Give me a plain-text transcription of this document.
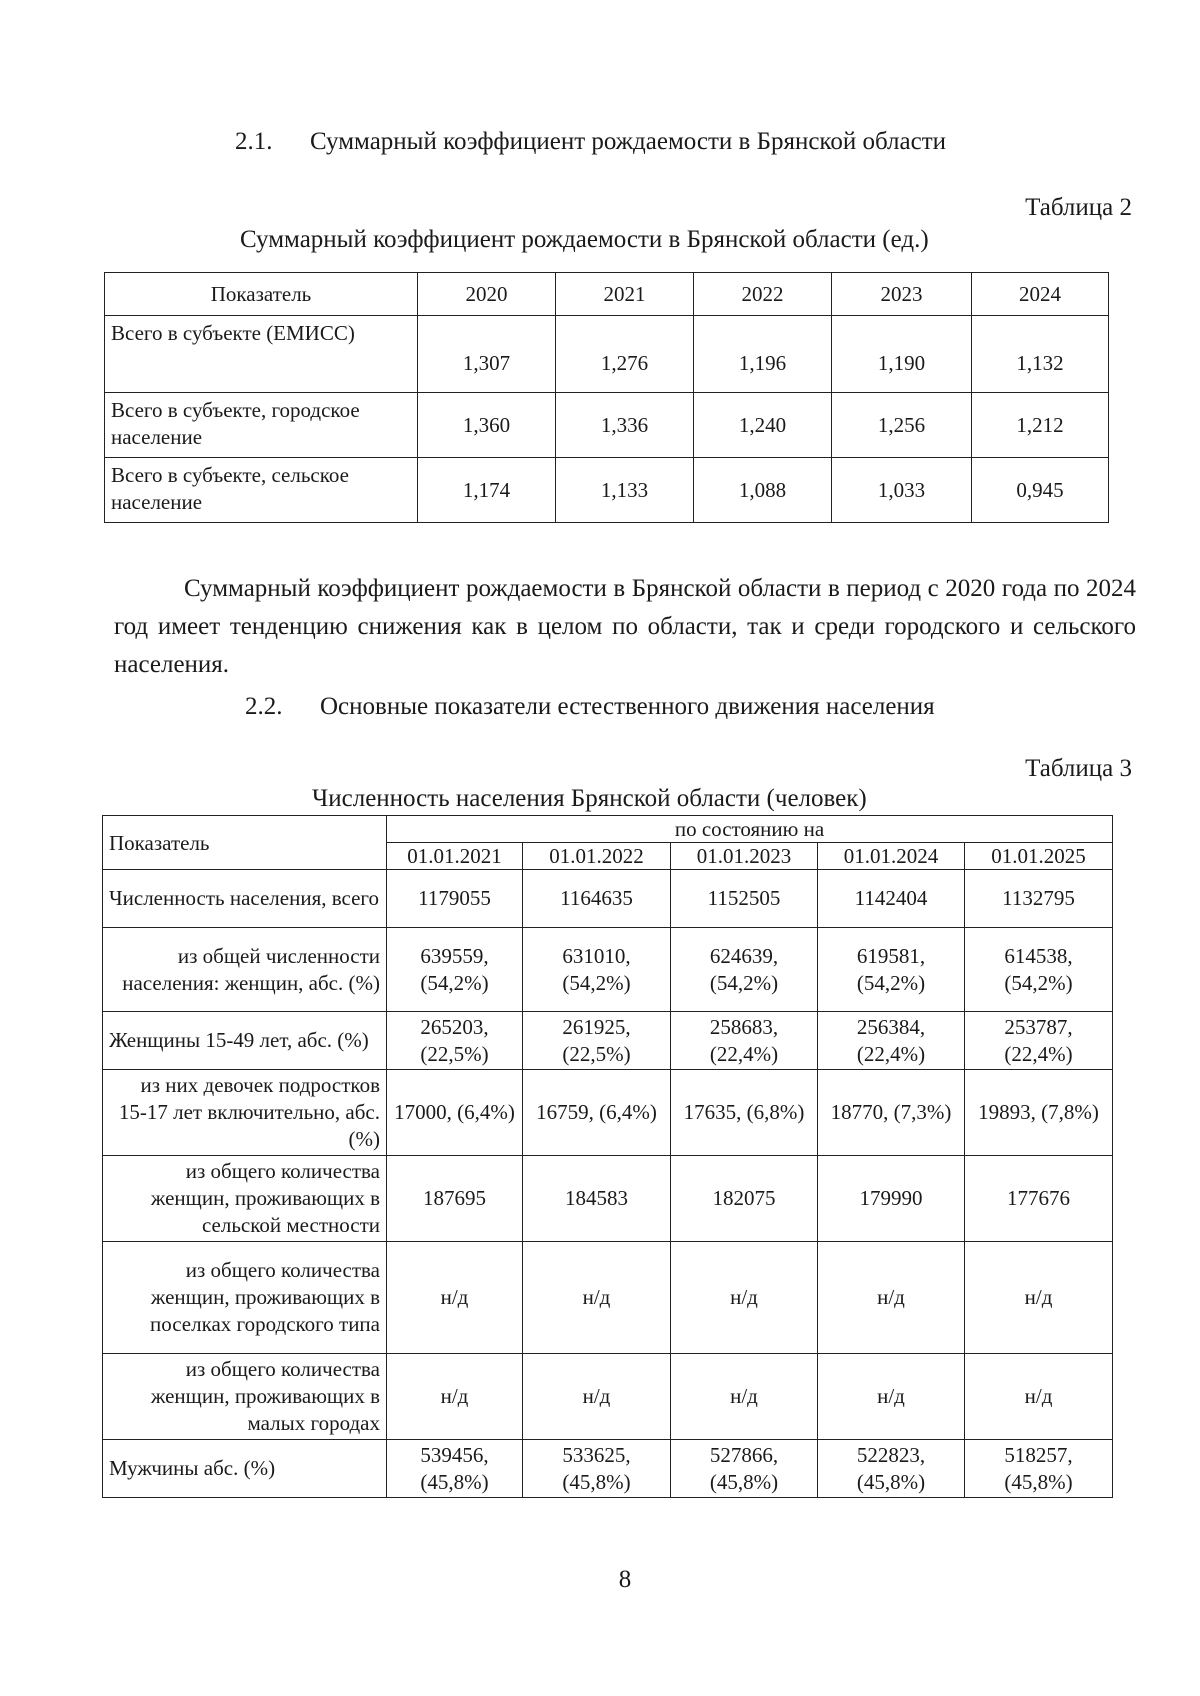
2.1. Суммарный коэффициент рождаемости в Брянской области
Таблица 2
Суммарный коэффициент рождаемости в Брянской области (ед.)
Показатель	2020	2021	2022	2023	2024
Всего в субъекте (ЕМИСС)	1,307	1,276	1,196	1,190	1,132
Всего в субъекте, городское население	1,360	1,336	1,240	1,256	1,212
Всего в субъекте, сельское население	1,174	1,133	1,088	1,033	0,945

Суммарный коэффициент рождаемости в Брянской области в период с 2020 года по 2024 год имеет тенденцию снижения как в целом по области, так и среди городского и сельского населения.

2.2. Основные показатели естественного движения населения
Таблица 3
Численность населения Брянской области (человек)
Показатель	по состоянию на				
	01.01.2021	01.01.2022	01.01.2023	01.01.2024	01.01.2025
Численность населения, всего	1179055	1164635	1152505	1142404	1132795
из общей численности населения: женщин, абс. (%)	639559, (54,2%)	631010, (54,2%)	624639, (54,2%)	619581, (54,2%)	614538, (54,2%)
Женщины 15-49 лет, абс. (%)	265203, (22,5%)	261925, (22,5%)	258683, (22,4%)	256384, (22,4%)	253787, (22,4%)
из них девочек подростков 15-17 лет включительно, абс. (%)	17000, (6,4%)	16759, (6,4%)	17635, (6,8%)	18770, (7,3%)	19893, (7,8%)
из общего количества женщин, проживающих в сельской местности	187695	184583	182075	179990	177676
из общего количества женщин, проживающих в поселках городского типа	н/д	н/д	н/д	н/д	н/д
из общего количества женщин, проживающих в малых городах	н/д	н/д	н/д	н/д	н/д
Мужчины абс. (%)	539456, (45,8%)	533625, (45,8%)	527866, (45,8%)	522823, (45,8%)	518257, (45,8%)
8
